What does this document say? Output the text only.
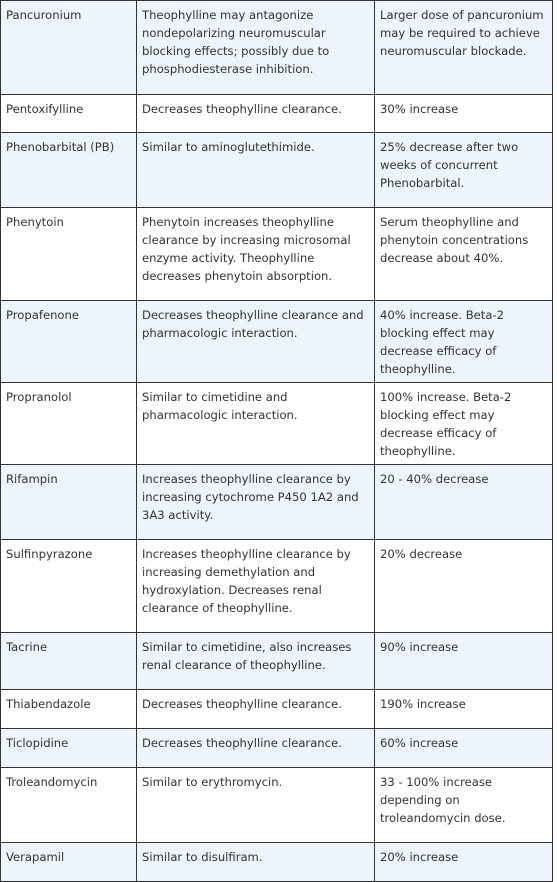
Pancuronium	Theophylline may antagonize nondepolarizing neuromuscular blocking effects; possibly due to phosphodiesterase inhibition.	Larger dose of pancuronium may be required to achieve neuromuscular blockade.
Pentoxifylline	Decreases theophylline clearance.	30% increase
Phenobarbital (PB)	Similar to aminoglutethimide.	25% decrease after two weeks of concurrent Phenobarbital.
Phenytoin	Phenytoin increases theophylline clearance by increasing microsomal enzyme activity. Theophylline decreases phenytoin absorption.	Serum theophylline and phenytoin concentrations decrease about 40%.
Propafenone	Decreases theophylline clearance and pharmacologic interaction.	40% increase. Beta-2 blocking effect may decrease efficacy of theophylline.
Propranolol	Similar to cimetidine and pharmacologic interaction.	100% increase. Beta-2 blocking effect may decrease efficacy of theophylline.
Rifampin	Increases theophylline clearance by increasing cytochrome P450 1A2 and 3A3 activity.	20 - 40% decrease
Sulfinpyrazone	Increases theophylline clearance by increasing demethylation and hydroxylation. Decreases renal clearance of theophylline.	20% decrease
Tacrine	Similar to cimetidine, also increases renal clearance of theophylline.	90% increase
Thiabendazole	Decreases theophylline clearance.	190% increase
Ticlopidine	Decreases theophylline clearance.	60% increase
Troleandomycin	Similar to erythromycin.	33 - 100% increase depending on troleandomycin dose.
Verapamil	Similar to disulfiram.	20% increase
